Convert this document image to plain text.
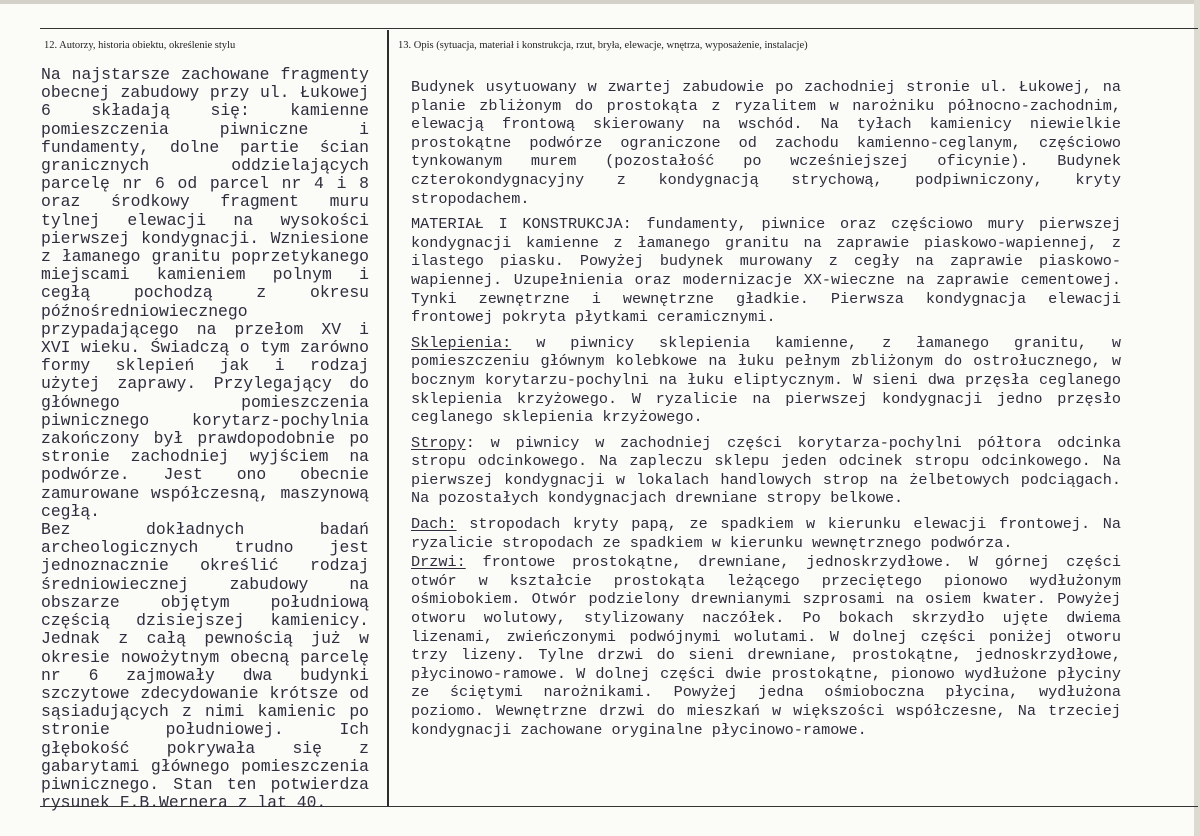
12. Autorzy, historia obiektu, określenie stylu	13. Opis (sytuacja, materiał i konstrukcja, rzut, bryła, elewacje, wnętrza, wyposażenie, instalacje)

Na najstarsze zachowane fragmenty obecnej zabudowy przy ul. Łukowej 6 składają się: kamienne pomieszczenia piwniczne i fundamenty, dolne partie ścian granicznych oddzielających parcelę nr 6 od parcel nr 4 i 8 oraz środkowy fragment muru tylnej elewacji na wysokości pierwszej kondygnacji. Wzniesione z łamanego granitu poprzetykanego miejscami kamieniem polnym i cegłą pochodzą z okresu późnośredniowiecznego przypadającego na przełom XV i XVI wieku. Świadczą o tym zarówno formy sklepień jak i rodzaj użytej zaprawy. Przylegający do głównego pomieszczenia piwnicznego korytarz-pochylnia zakończony był prawdopodobnie po stronie zachodniej wyjściem na podwórze. Jest ono obecnie zamurowane współczesną, maszynową cegłą.

Bez dokładnych badań archeologicznych trudno jest jednoznacznie określić rodzaj średniowiecznej zabudowy na obszarze objętym południową częścią dzisiejszej kamienicy. Jednak z całą pewnością już w okresie nowożytnym obecną parcelę nr 6 zajmowały dwa budynki szczytowe zdecydowanie krótsze od sąsiadujących z nimi kamienic po stronie południowej. Ich głębokość pokrywała się z gabarytami głównego pomieszczenia piwnicznego. Stan ten potwierdza rysunek F.B.Wernera z lat 40.

Budynek usytuowany w zwartej zabudowie po zachodniej stronie ul. Łukowej, na planie zbliżonym do prostokąta z ryzalitem w narożniku północno-zachodnim, elewacją frontową skierowany na wschód. Na tyłach kamienicy niewielkie prostokątne podwórze ograniczone od zachodu kamienno-ceglanym, częściowo tynkowanym murem (pozostałość po wcześniejszej oficynie). Budynek czterokondygnacyjny z kondygnacją strychową, podpiwniczony, kryty stropodachem.

MATERIAŁ I KONSTRUKCJA: fundamenty, piwnice oraz częściowo mury pierwszej kondygnacji kamienne z łamanego granitu na zaprawie piaskowo-wapiennej, z ilastego piasku. Powyżej budynek murowany z cegły na zaprawie piaskowo-wapiennej. Uzupełnienia oraz modernizacje XX-wieczne na zaprawie cementowej. Tynki zewnętrzne i wewnętrzne gładkie. Pierwsza kondygnacja elewacji frontowej pokryta płytkami ceramicznymi.

Sklepienia: w piwnicy sklepienia kamienne, z łamanego granitu, w pomieszczeniu głównym kolebkowe na łuku pełnym zbliżonym do ostrołucznego, w bocznym korytarzu-pochylni na łuku eliptycznym. W sieni dwa przęsła ceglanego sklepienia krzyżowego. W ryzalicie na pierwszej kondygnacji jedno przęsło ceglanego sklepienia krzyżowego.

Stropy: w piwnicy w zachodniej części korytarza-pochylni półtora odcinka stropu odcinkowego. Na zapleczu sklepu jeden odcinek stropu odcinkowego. Na pierwszej kondygnacji w lokalach handlowych strop na żelbetowych podciągach. Na pozostałych kondygnacjach drewniane stropy belkowe.

Dach: stropodach kryty papą, ze spadkiem w kierunku elewacji frontowej. Na ryzalicie stropodach ze spadkiem w kierunku wewnętrznego podwórza.

Drzwi: frontowe prostokątne, drewniane, jednoskrzydłowe. W górnej części otwór w kształcie prostokąta leżącego przeciętego pionowo wydłużonym ośmiobokiem. Otwór podzielony drewnianymi szprosami na osiem kwater. Powyżej otworu wolutowy, stylizowany naczółek. Po bokach skrzydło ujęte dwiema lizenami, zwieńczonymi podwójnymi wolutami. W dolnej części poniżej otworu trzy lizeny. Tylne drzwi do sieni drewniane, prostokątne, jednoskrzydłowe, płycinowo-ramowe. W dolnej części dwie prostokątne, pionowo wydłużone płyciny ze ściętymi narożnikami. Powyżej jedna ośmioboczna płycina, wydłużona poziomo. Wewnętrzne drzwi do mieszkań w większości współczesne, Na trzeciej kondygnacji zachowane oryginalne płycinowo-ramowe.
